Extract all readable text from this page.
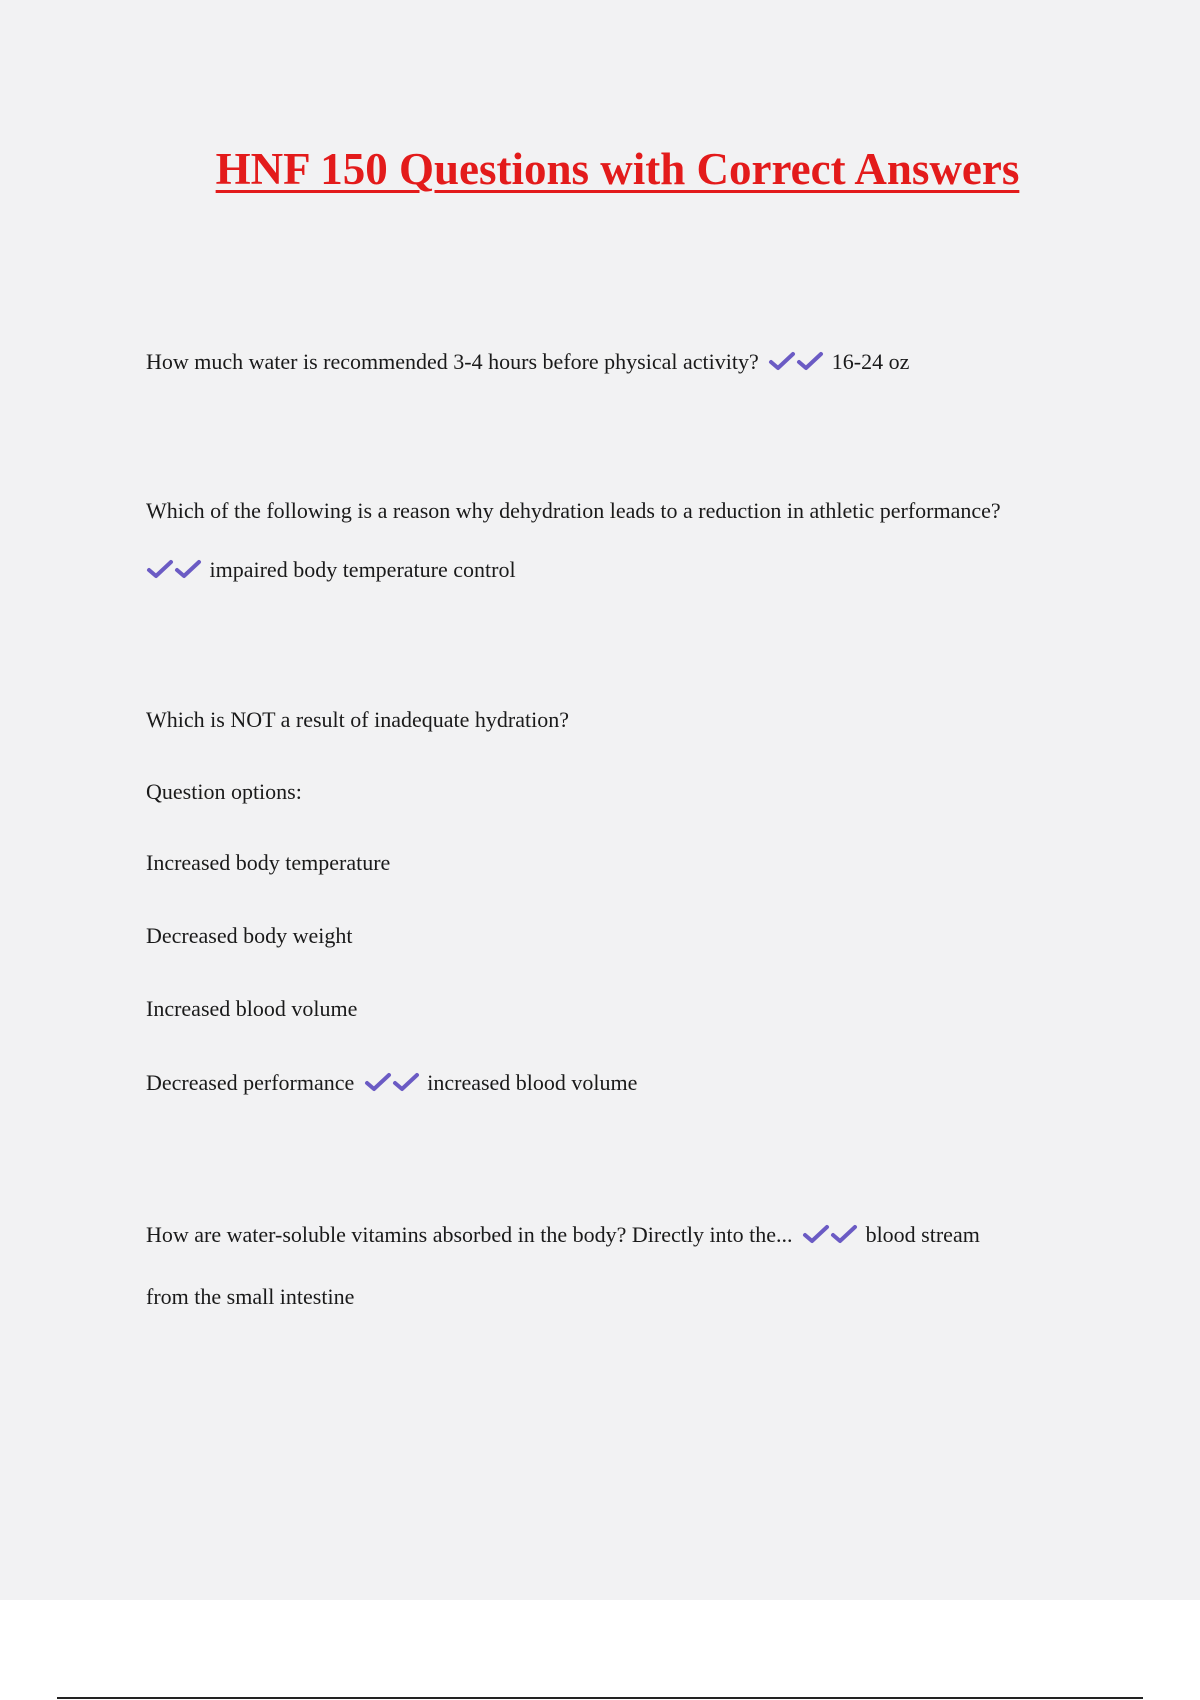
HNF 150 Questions with Correct Answers
How much water is recommended 3-4 hours before physical activity?	16-24 oz
Which of the following is a reason why dehydration leads to a reduction in athletic performance?
impaired body temperature control
Which is NOT a result of inadequate hydration?
Question options:
Increased body temperature
Decreased body weight
Increased blood volume
Decreased performance	increased blood volume
How are water-soluble vitamins absorbed in the body? Directly into the...	blood stream
from the small intestine
